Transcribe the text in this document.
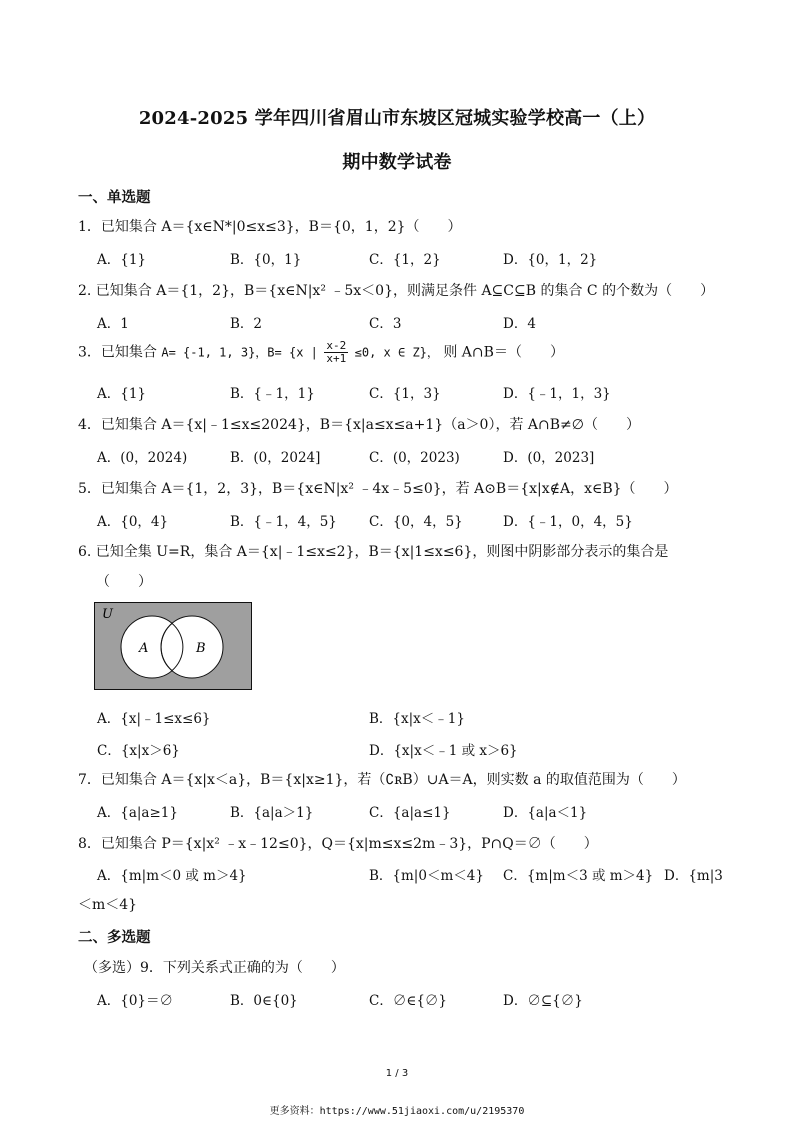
2024-2025 学年四川省眉山市东坡区冠城实验学校高一（上）
期中数学试卷
一、单选题
1．已知集合 A＝{x∈N*|0≤x≤3}，B＝{0，1，2}（　　）
A．{1}	B．{0，1}	C．{1，2}	D．{0，1，2}
2. 已知集合 A＝{1，2}，B＝{x∈N|x² ﹣5x＜0}，则满足条件 A⊆C⊆B 的集合 C 的个数为（　　）
A．1	B．2	C．3	D．4
3．已知集合 A= {-1, 1, 3}，B= {x | $\frac{x-2}{x+1} \le 0$, x ∈ Z}， 则 A∩B＝（　　）
A．{1}	B．{﹣1，1}	C．{1，3}	D．{﹣1，1，3}
4．已知集合 A＝{x|﹣1≤x≤2024}，B＝{x|a≤x≤a+1}（a＞0），若 A∩B≠∅（　　）
A．(0，2024)	B．(0，2024]	C．(0，2023)	D．(0，2023]
5．已知集合 A＝{1，2，3}，B＝{x∈N|x² ﹣4x﹣5≤0}，若 A⊙B＝{x|x∉A，x∈B}（　　）
A．{0，4}	B．{﹣1，4，5} C．{0，4，5}	D．{﹣1，0，4，5}
6. 已知全集 U=R，集合 A＝{x|﹣1≤x≤2}，B＝{x|1≤x≤6}，则图中阴影部分表示的集合是
（　　）
U
A	B
A．{x|﹣1≤x≤6}	B．{x|x＜﹣1}
C．{x|x＞6}	D．{x|x＜﹣1 或 x＞6}
7．已知集合 A＝{x|x＜a}，B＝{x|x≥1}，若（∁ʀB）∪A＝A，则实数 a 的取值范围为（　　）
A．{a|a≥1}	B．{a|a＞1}	C．{a|a≤1}	D．{a|a＜1}
8．已知集合 P＝{x|x² ﹣x﹣12≤0}，Q＝{x|m≤x≤2m﹣3}，P∩Q＝∅（　　）
A．{m|m＜0 或 m＞4}	B．{m|0＜m＜4} C．{m|m＜3 或 m＞4} D．{m|3
＜m＜4}
二、多选题
（多选）9．下列关系式正确的为（　　）
A．{0}＝∅	B．0∈{0}	C．∅∈{∅}	D．∅⊆{∅}
1 / 3
更多资料：https://www.51jiaoxi.com/u/2195370
